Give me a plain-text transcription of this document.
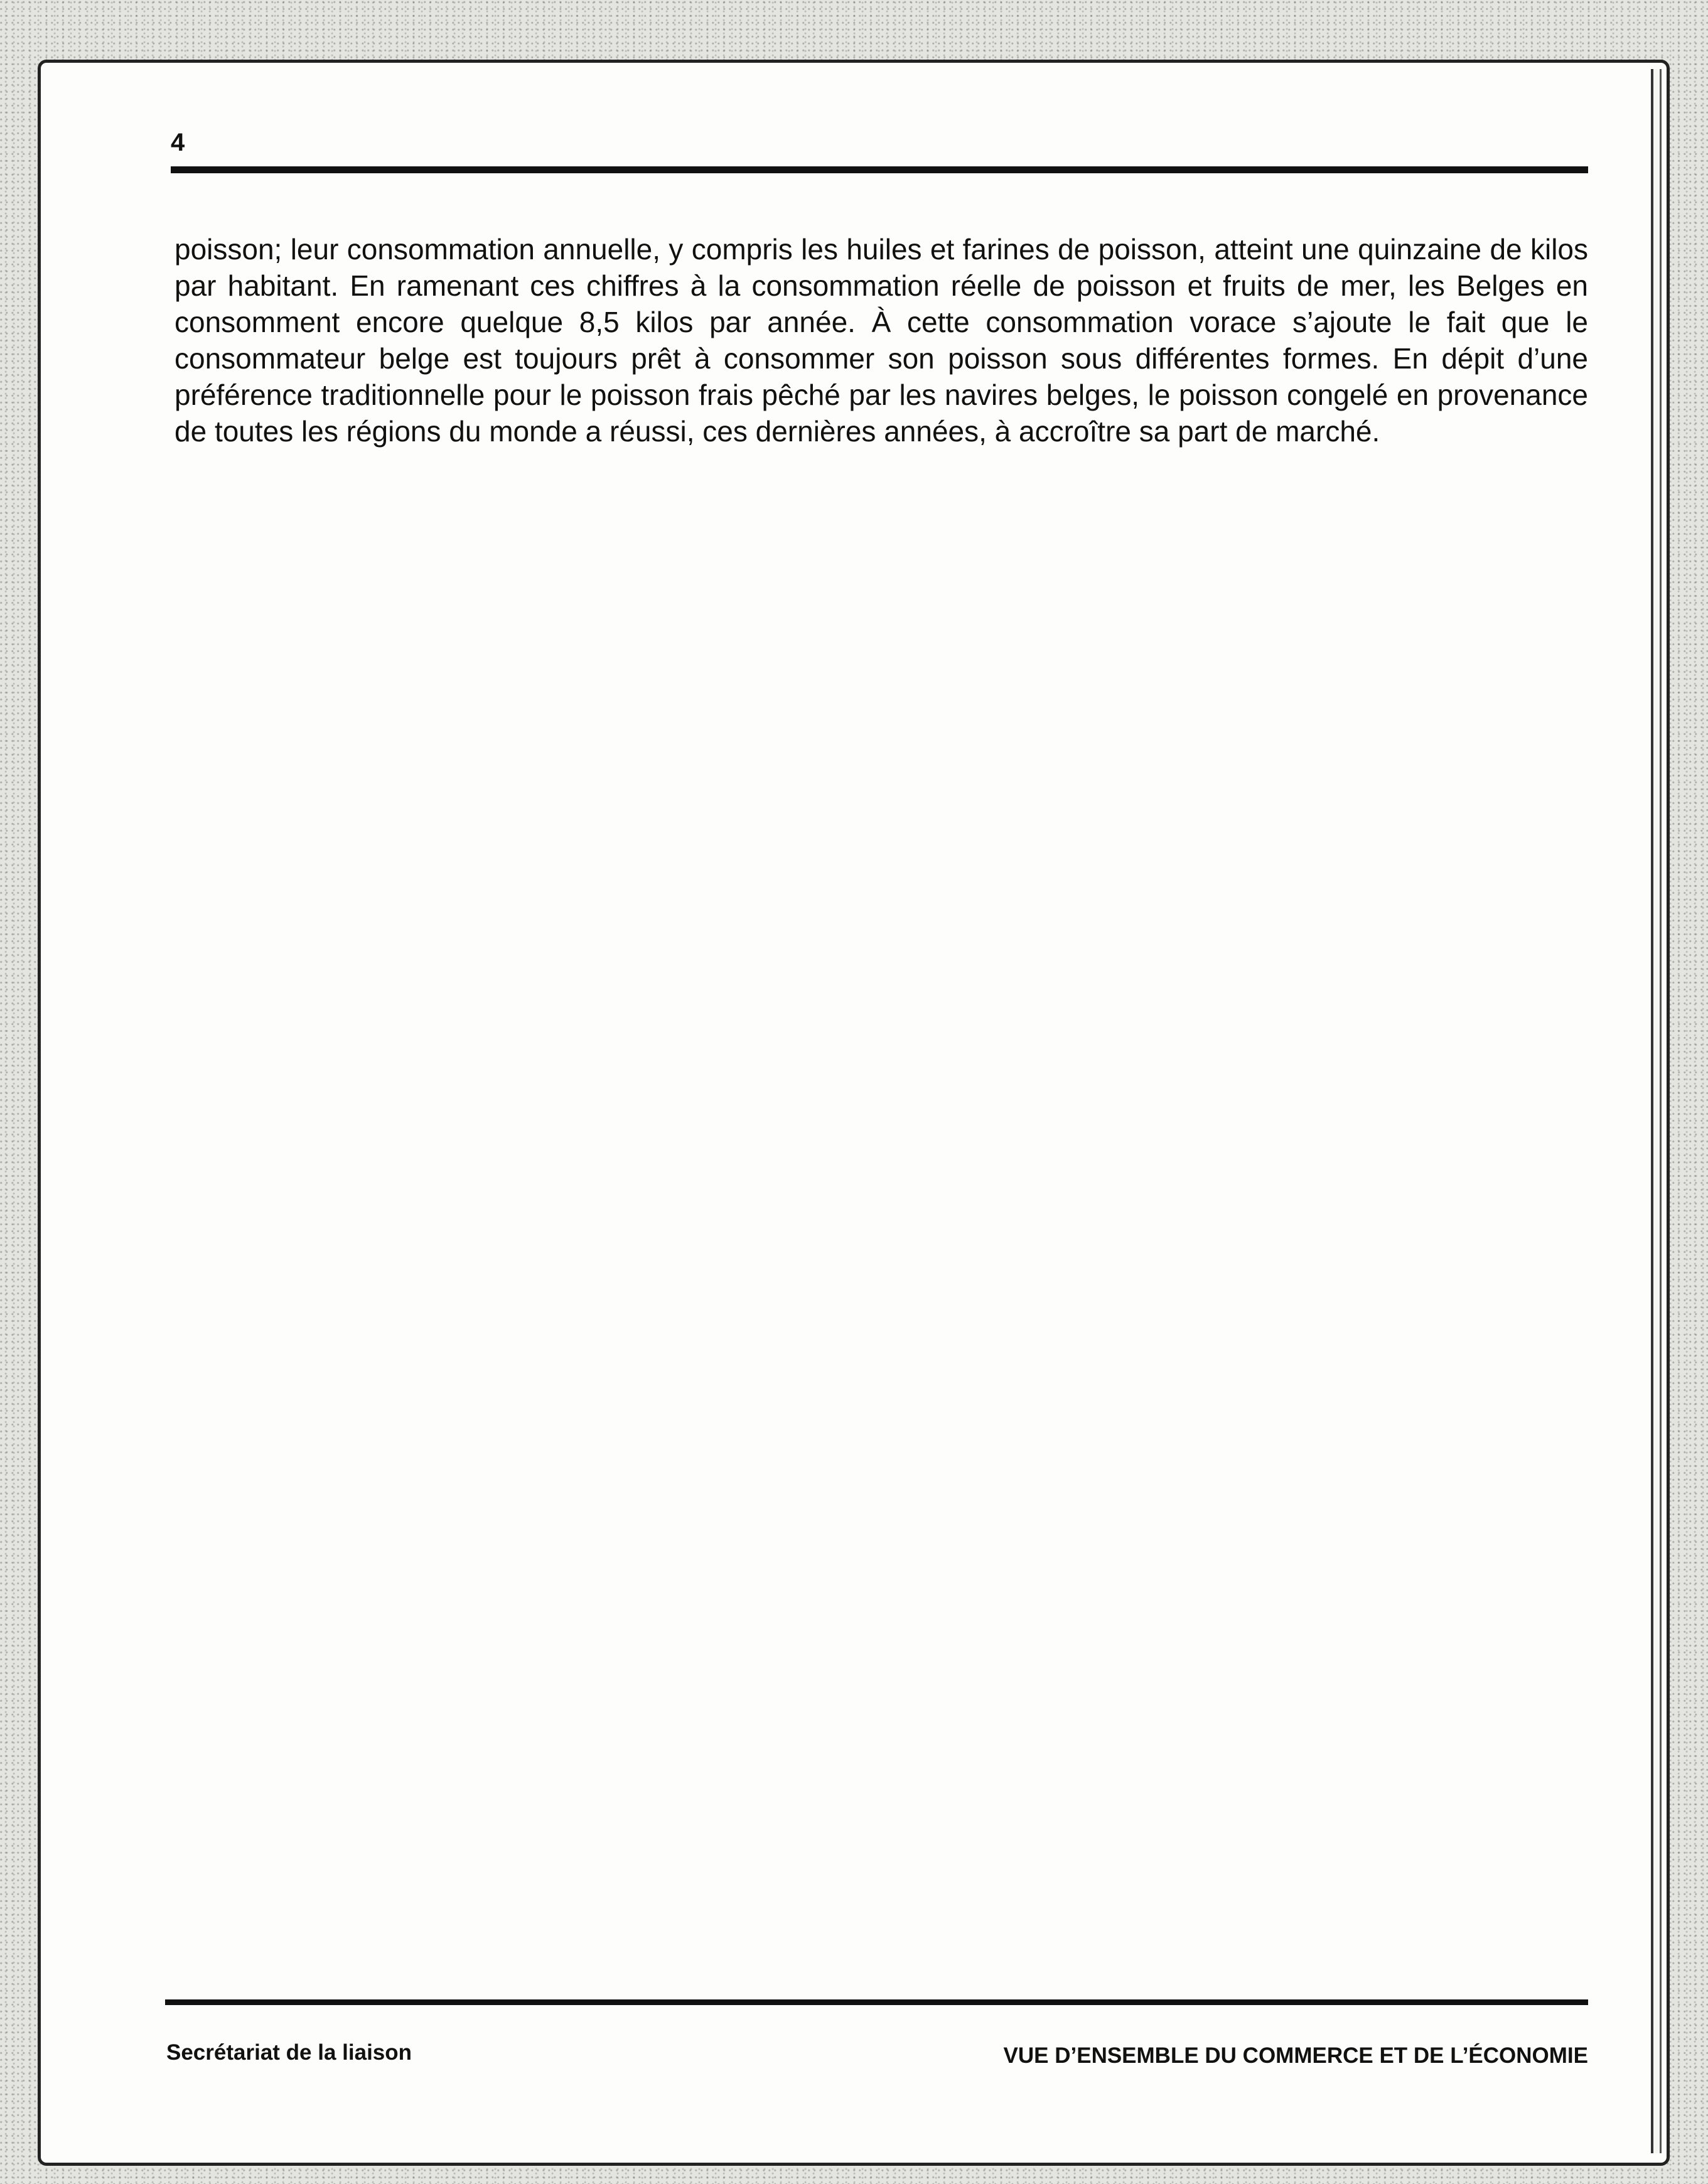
4

poisson; leur consommation annuelle, y compris les huiles et farines de poisson, atteint une quinzaine de kilos par habitant. En ramenant ces chiffres à la consommation réelle de poisson et fruits de mer, les Belges en consomment encore quelque 8,5 kilos par année. À cette consommation vorace s’ajoute le fait que le consommateur belge est toujours prêt à consommer son poisson sous différentes formes. En dépit d’une préférence traditionnelle pour le poisson frais pêché par les navires belges, le poisson congelé en provenance de toutes les régions du monde a réussi, ces dernières années, à accroître sa part de marché.

Secrétariat de la liaison	VUE D’ENSEMBLE DU COMMERCE ET DE L’ÉCONOMIE
